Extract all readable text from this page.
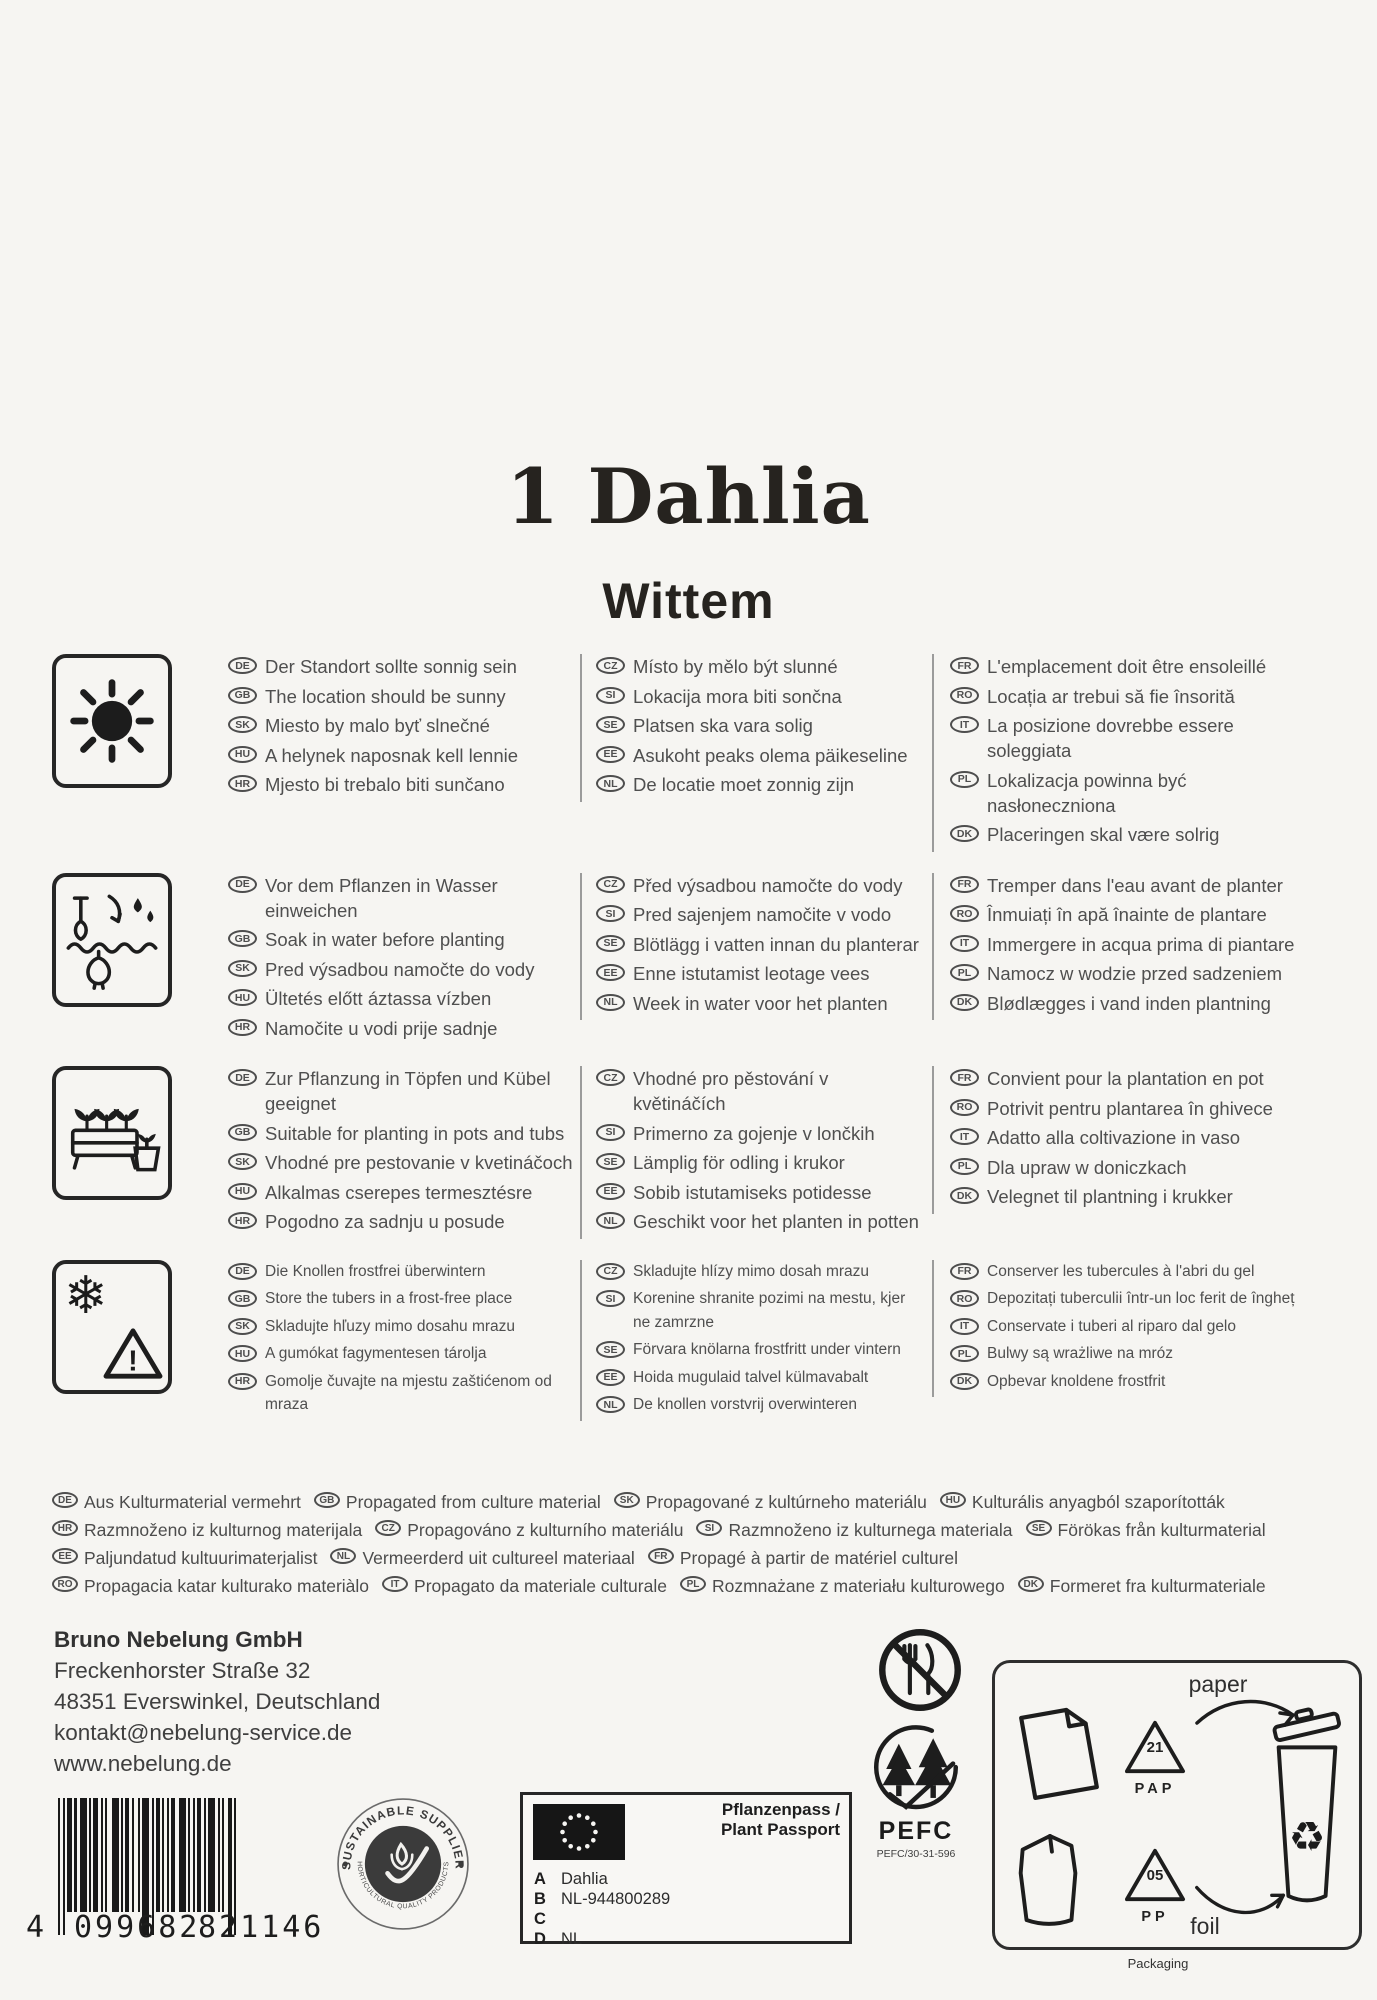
1 Dahlia
Wittem
DE Der Standort sollte sonnig sein
GB The location should be sunny
SK Miesto by malo byť slnečné
HU A helynek naposnak kell lennie
HR Mjesto bi trebalo biti sunčano
CZ Místo by mělo být slunné
SI Lokacija mora biti sončna
SE Platsen ska vara solig
EE Asukoht peaks olema päikeseline
NL De locatie moet zonnig zijn
FR L'emplacement doit être ensoleillé
RO Locația ar trebui să fie însorită
IT La posizione dovrebbe essere soleggiata
PL Lokalizacja powinna być nasłoneczniona
DK Placeringen skal være solrig
DE Vor dem Pflanzen in Wasser einweichen
GB Soak in water before planting
SK Pred výsadbou namočte do vody
HU Ültetés előtt áztassa vízben
HR Namočite u vodi prije sadnje
CZ Před výsadbou namočte do vody
SI Pred sajenjem namočite v vodo
SE Blötlägg i vatten innan du planterar
EE Enne istutamist leotage vees
NL Week in water voor het planten
FR Tremper dans l'eau avant de planter
RO Înmuiați în apă înainte de plantare
IT Immergere in acqua prima di piantare
PL Namocz w wodzie przed sadzeniem
DK Blødlægges i vand inden plantning
DE Zur Pflanzung in Töpfen und Kübel geeignet
GB Suitable for planting in pots and tubs
SK Vhodné pre pestovanie v kvetináčoch
HU Alkalmas cserepes termesztésre
HR Pogodno za sadnju u posude
CZ Vhodné pro pěstování v květináčích
SI Primerno za gojenje v lončkih
SE Lämplig för odling i krukor
EE Sobib istutamiseks potidesse
NL Geschikt voor het planten in potten
FR Convient pour la plantation en pot
RO Potrivit pentru plantarea în ghivece
IT Adatto alla coltivazione in vaso
PL Dla upraw w doniczkach
DK Velegnet til plantning i krukker
❄
!
DE Die Knollen frostfrei überwintern
GB Store the tubers in a frost-free place
SK Skladujte hľuzy mimo dosahu mrazu
HU A gumókat fagymentesen tárolja
HR Gomolje čuvajte na mjestu zaštićenom od mraza
CZ	Skladujte hlízy mimo dosah mrazu
SI	Korenine shranite pozimi na mestu, kjer ne zamrzne
SE	Förvara knölarna frostfritt under vintern
EE	Hoida mugulaid talvel külmavabalt
NL	De knollen vorstvrij overwinteren
FR	Conserver les tubercules à l'abri du gel
RO Depozitați tuberculii într-un loc ferit de îngheț
IT	Conservate i tuberi al riparo dal gelo
PL	Bulwy są wrażliwe na mróz
DK Opbevar knoldene frostfrit
DE Aus Kulturmaterial vermehrt	GB Propagated from culture material	SK Propagované z kultúrneho materiálu	HU Kulturális anyagból szaporították
HR Razmnoženo iz kulturnog materijala	CZ Propagováno z kulturního materiálu	SI Razmnoženo iz kulturnega materiala	SE Förökas från kulturmaterial
EE Paljundatud kultuurimaterjalist	NL Vermeerderd uit cultureel materiaal	FR Propagé à partir de matériel culturel
RO Propagacia katar kulturako materiàlo	IT Propagato da materiale culturale	PL Rozmnażane z materiału kulturowego	DK Formeret fra kulturmateriale
Bruno Nebelung GmbH
Freckenhorster Straße 32
48351 Everswinkel, Deutschland
kontakt@nebelung-service.de
www.nebelung.de
4 099682
821146
SUSTAINABLE SUPPLIER
HORTICULTURAL QUALITY PRODUCTS
Pflanzenpass /
Plant Passport
A Dahlia
B NL-944800289
C
D NL
PEFC
PEFC/30-31-596
paper
21
PAP
♻
05
PP foil
Packaging
